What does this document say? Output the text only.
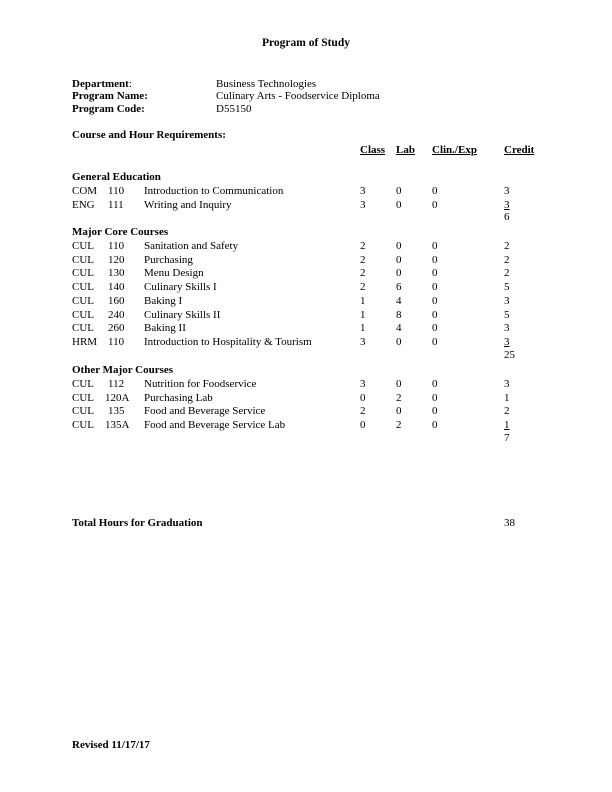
Program of Study
Department:	Business Technologies
Program Name:	Culinary Arts - Foodservice Diploma
Program Code:	D55150
Course and Hour Requirements:
Class Lab Clin./Exp Credit
General Education
COM 110 Introduction to Communication	3	0	0	3
ENG 111 Writing and Inquiry	3	0	0	3
6
Major Core Courses
CUL 110 Sanitation and Safety	2	0	0	2
CUL 120 Purchasing	2	0	0	2
CUL 130 Menu Design	2	0	0	2
CUL 140 Culinary Skills I	2	6	0	5
CUL 160 Baking I	1	4	0	3
CUL 240 Culinary Skills II	1	8	0	5
CUL 260 Baking II	1	4	0	3
HRM 110 Introduction to Hospitality & Tourism	3	0	0	3
25
Other Major Courses
CUL 112 Nutrition for Foodservice	3	0	0	3
CUL 120A Purchasing Lab	0	2	0	1
CUL 135 Food and Beverage Service	2	0	0	2
CUL 135A Food and Beverage Service Lab	0	2	0	1
7
Total Hours for Graduation	38
Revised 11/17/17
